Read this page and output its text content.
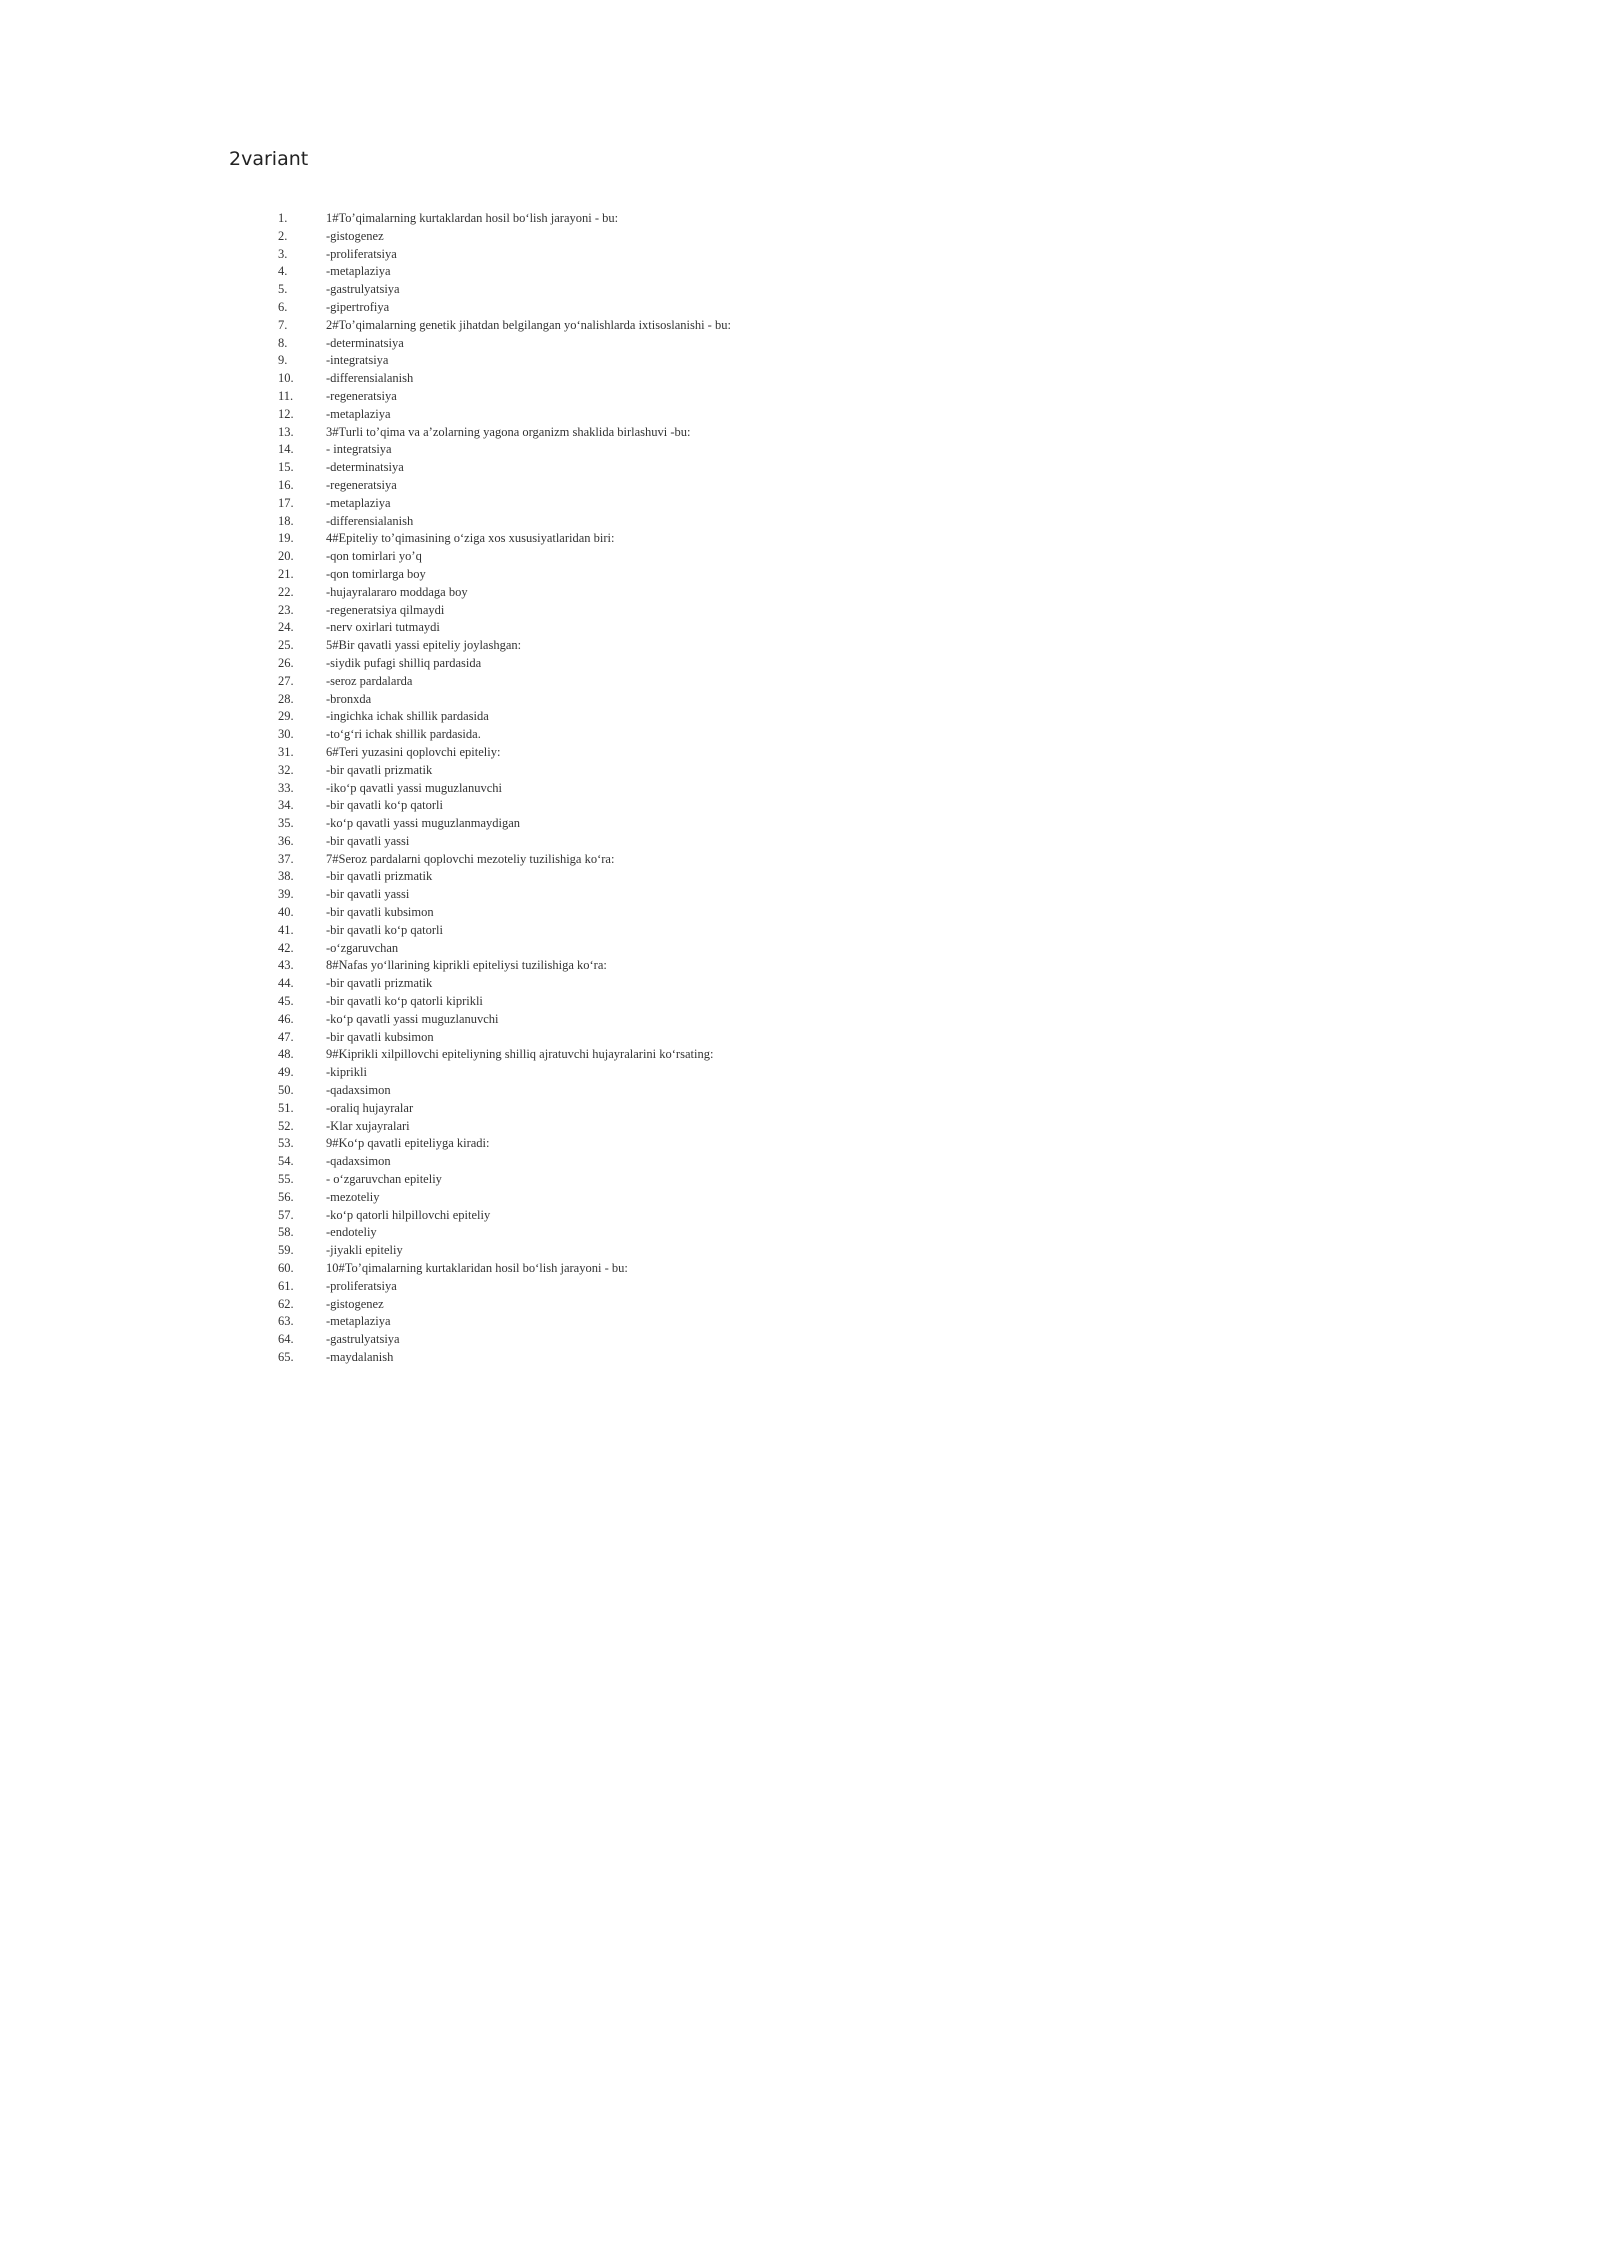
2variant
1.	1#To’qimalarning kurtaklardan hosil bo‘lish jarayoni - bu:
2.	-gistogenez
3.	-proliferatsiya
4.	-metaplaziya
5.	-gastrulyatsiya
6.	-gipertrofiya
7.	2#To’qimalarning genetik jihatdan belgilangan yo‘nalishlarda ixtisoslanishi - bu:
8.	-determinatsiya
9.	-integratsiya
10.	-differensialanish
11.	-regeneratsiya
12.	-metaplaziya
13.	3#Turli to’qima va a’zolarning yagona organizm shaklida birlashuvi -bu:
14.	- integratsiya
15.	-determinatsiya
16.	-regeneratsiya
17.	-metaplaziya
18.	-differensialanish
19.	4#Epiteliy to’qimasining o‘ziga xos xususiyatlaridan biri:
20.	-qon tomirlari yo’q
21.	-qon tomirlarga boy
22.	-hujayralararo moddaga boy
23.	-regeneratsiya qilmaydi
24.	-nerv oxirlari tutmaydi
25.	5#Bir qavatli yassi epiteliy joylashgan:
26.	-siydik pufagi shilliq pardasida
27.	-seroz pardalarda
28.	-bronxda
29.	-ingichka ichak shillik pardasida
30.	-to‘g‘ri ichak shillik pardasida.
31.	6#Teri yuzasini qoplovchi epiteliy:
32.	-bir qavatli prizmatik
33.	-iko‘p qavatli yassi muguzlanuvchi
34.	-bir qavatli ko‘p qatorli
35.	-ko‘p qavatli yassi muguzlanmaydigan
36.	-bir qavatli yassi
37.	7#Seroz pardalarni qoplovchi mezoteliy tuzilishiga ko‘ra:
38.	-bir qavatli prizmatik
39.	-bir qavatli yassi
40.	-bir qavatli kubsimon
41.	-bir qavatli ko‘p qatorli
42.	-o‘zgaruvchan
43.	8#Nafas yo‘llarining kiprikli epiteliysi tuzilishiga ko‘ra:
44.	-bir qavatli prizmatik
45.	-bir qavatli ko‘p qatorli kiprikli
46.	-ko‘p qavatli yassi muguzlanuvchi
47.	-bir qavatli kubsimon
48.	9#Kiprikli xilpillovchi epiteliyning shilliq ajratuvchi hujayralarini ko‘rsating:
49.	-kiprikli
50.	-qadaxsimon
51.	-oraliq hujayralar
52.	-Klar xujayralari
53.	9#Ko‘p qavatli epiteliyga kiradi:
54.	-qadaxsimon
55.	- o‘zgaruvchan epiteliy
56.	-mezoteliy
57.	-ko‘p qatorli hilpillovchi epiteliy
58.	-endoteliy
59.	-jiyakli epiteliy
60.	10#To’qimalarning kurtaklaridan hosil bo‘lish jarayoni - bu:
61.	-proliferatsiya
62.	-gistogenez
63.	-metaplaziya
64.	-gastrulyatsiya
65.	-maydalanish
